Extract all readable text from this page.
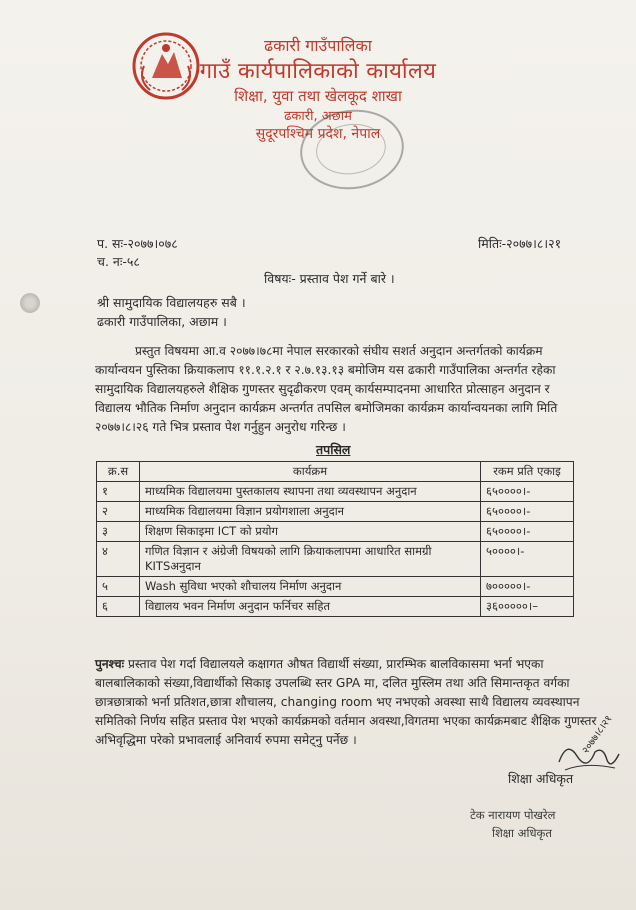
ढकारी गाउँपालिका
गाउँ कार्यपालिकाको कार्यालय
शिक्षा, युवा तथा खेलकूद शाखा
ढकारी, अछाम
सुदूरपश्चिम प्रदेश, नेपाल
प. सः-२०७७।०७८
च. नः-५८
मितिः-२०७७।८।२१
विषयः- प्रस्ताव पेश गर्ने बारे ।
श्री सामुदायिक विद्यालयहरु सबै ।
ढकारी गाउँपालिका, अछाम ।
प्रस्तुत विषयमा आ.व २०७७।७८मा नेपाल सरकारको संघीय सशर्त अनुदान अन्तर्गतको कार्यक्रम कार्यान्वयन पुस्तिका क्रियाकलाप ११.१.२.१ र २.७.१३.१३ बमोजिम यस ढकारी गाउँपालिका अन्तर्गत रहेका सामुदायिक विद्यालयहरुले शैक्षिक गुणस्तर सुदृढीकरण एवम् कार्यसम्पादनमा आधारित प्रोत्साहन अनुदान र विद्यालय भौतिक निर्माण अनुदान कार्यक्रम अन्तर्गत तपसिल बमोजिमका कार्यक्रम कार्यान्वयनका लागि मिति २०७७।८।२६ गते भित्र प्रस्ताव पेश गर्नुहुन अनुरोध गरिन्छ ।
तपसिल
क्र.स	कार्यक्रम	रकम प्रति एकाइ
१	माध्यमिक विद्यालयमा पुस्तकालय स्थापना तथा व्यवस्थापन अनुदान	६५००००।-
२	माध्यमिक विद्यालयमा विज्ञान प्रयोगशाला अनुदान	६५००००।-
३	शिक्षण सिकाइमा ICT को प्रयोग	६५००००।-
४	गणित विज्ञान र अंग्रेजी विषयको लागि क्रियाकलापमा आधारित सामग्री KITSअनुदान	५००००।-
५	Wash सुविधा भएको शौचालय निर्माण अनुदान	७०००००।-
६	विद्यालय भवन निर्माण अनुदान फर्निचर सहित	३६०००००।–
पुनश्चः प्रस्ताव पेश गर्दा विद्यालयले कक्षागत औषत विद्यार्थी संख्या, प्रारम्भिक बालविकासमा भर्ना भएका बालबालिकाको संख्या,विद्यार्थीको सिकाइ उपलब्धि स्तर GPA मा, दलित मुस्लिम तथा अति सिमान्तकृत वर्गका छात्रछात्राको भर्ना प्रतिशत,छात्रा शौचालय, changing room भए नभएको अवस्था साथै विद्यालय व्यवस्थापन समितिको निर्णय सहित प्रस्ताव पेश भएको कार्यक्रमको वर्तमान अवस्था,विगतमा भएका कार्यक्रमबाट शैक्षिक गुणस्तर अभिवृद्धिमा परेको प्रभावलाई अनिवार्य रुपमा समेट्नु पर्नेछ ।	२०७७।८।२१
शिक्षा अधिकृत
टेक नारायण पोखरेल
शिक्षा अधिकृत
